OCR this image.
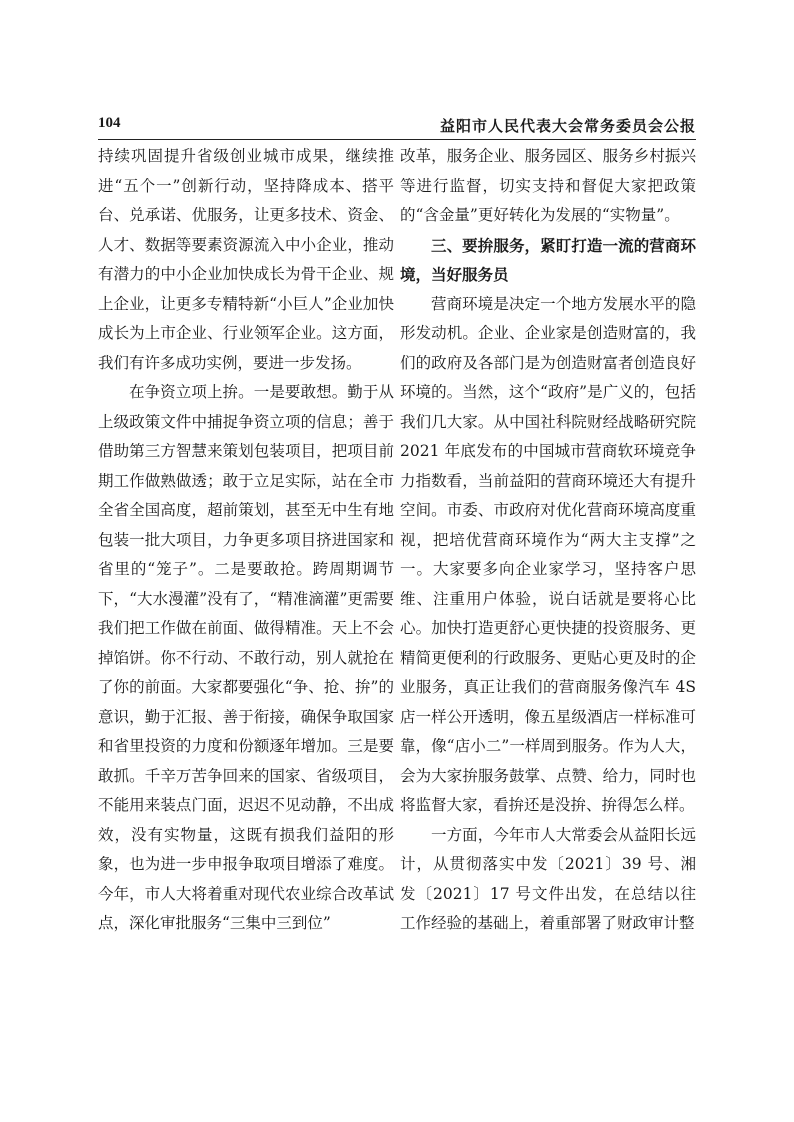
104	益阳市人民代表大会常务委员会公报

持续巩固提升省级创业城市成果，继续推进“五个一”创新行动，坚持降成本、搭平台、兑承诺、优服务，让更多技术、资金、人才、数据等要素资源流入中小企业，推动有潜力的中小企业加快成长为骨干企业、规上企业，让更多专精特新“小巨人”企业加快成长为上市企业、行业领军企业。这方面，我们有许多成功实例，要进一步发扬。

在争资立项上拚。一是要敢想。勤于从上级政策文件中捕捉争资立项的信息；善于借助第三方智慧来策划包装项目，把项目前期工作做熟做透；敢于立足实际，站在全市全省全国高度，超前策划，甚至无中生有地包装一批大项目，力争更多项目挤进国家和省里的“笼子”。二是要敢抢。跨周期调节下，“大水漫灌”没有了，“精准滴灌”更需要我们把工作做在前面、做得精准。天上不会掉馅饼。你不行动、不敢行动，别人就抢在了你的前面。大家都要强化“争、抢、拚”的意识，勤于汇报、善于衔接，确保争取国家和省里投资的力度和份额逐年增加。三是要敢抓。千辛万苦争回来的国家、省级项目，不能用来装点门面，迟迟不见动静，不出成效，没有实物量，这既有损我们益阳的形象，也为进一步申报争取项目增添了难度。今年，市人大将着重对现代农业综合改革试点，深化审批服务“三集中三到位”

改革，服务企业、服务园区、服务乡村振兴等进行监督，切实支持和督促大家把政策的“含金量”更好转化为发展的“实物量”。

三、要拚服务，紧盯打造一流的营商环境，当好服务员

营商环境是决定一个地方发展水平的隐形发动机。企业、企业家是创造财富的，我们的政府及各部门是为创造财富者创造良好环境的。当然，这个“政府”是广义的，包括我们几大家。从中国社科院财经战略研究院 2021 年底发布的中国城市营商软环境竞争力指数看，当前益阳的营商环境还大有提升空间。市委、市政府对优化营商环境高度重视，把培优营商环境作为“两大主支撑”之一。大家要多向企业家学习，坚持客户思维、注重用户体验，说白话就是要将心比心。加快打造更舒心更快捷的投资服务、更精简更便利的行政服务、更贴心更及时的企业服务，真正让我们的营商服务像汽车 4S 店一样公开透明，像五星级酒店一样标准可靠，像“店小二”一样周到服务。作为人大，会为大家拚服务鼓掌、点赞、给力，同时也将监督大家，看拚还是没拚、拚得怎么样。

一方面，今年市人大常委会从益阳长远计，从贯彻落实中发〔2021〕39 号、湘发〔2021〕17 号文件出发，在总结以往工作经验的基础上，着重部署了财政审计整
